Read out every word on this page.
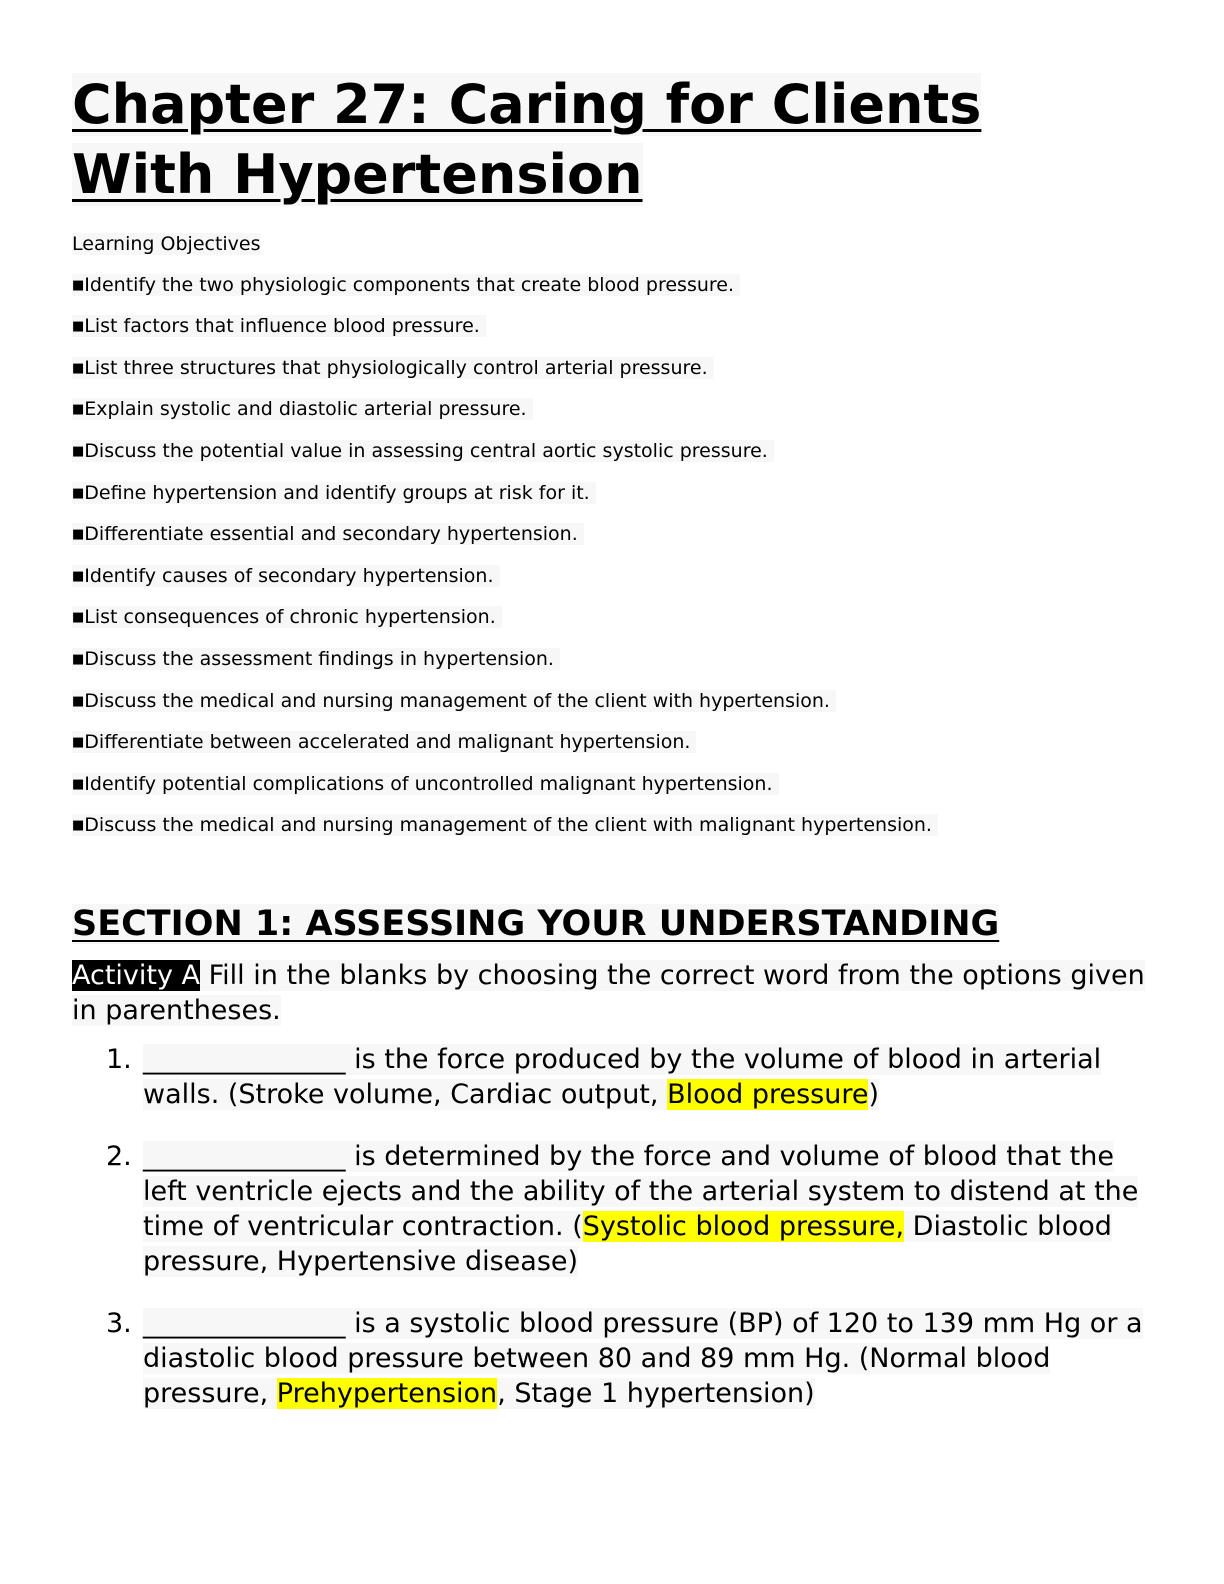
Chapter 27: Caring for Clients
With Hypertension
Learning Objectives
■Identify the two physiologic components that create blood pressure.
■List factors that influence blood pressure.
■List three structures that physiologically control arterial pressure.
■Explain systolic and diastolic arterial pressure.
■Discuss the potential value in assessing central aortic systolic pressure.
■Define hypertension and identify groups at risk for it.
■Differentiate essential and secondary hypertension.
■Identify causes of secondary hypertension.
■List consequences of chronic hypertension.
■Discuss the assessment findings in hypertension.
■Discuss the medical and nursing management of the client with hypertension.
■Differentiate between accelerated and malignant hypertension.
■Identify potential complications of uncontrolled malignant hypertension.
■Discuss the medical and nursing management of the client with malignant hypertension.
SECTION 1: ASSESSING YOUR UNDERSTANDING
Activity A Fill in the blanks by choosing the correct word from the options given in parentheses.
1. _______________ is the force produced by the volume of blood in arterial walls. (Stroke volume, Cardiac output, Blood pressure)
2. _______________ is determined by the force and volume of blood that the left ventricle ejects and the ability of the arterial system to distend at the time of ventricular contraction. (Systolic blood pressure, Diastolic blood pressure, Hypertensive disease)
3. _______________ is a systolic blood pressure (BP) of 120 to 139 mm Hg or a diastolic blood pressure between 80 and 89 mm Hg. (Normal blood pressure, Prehypertension, Stage 1 hypertension)
